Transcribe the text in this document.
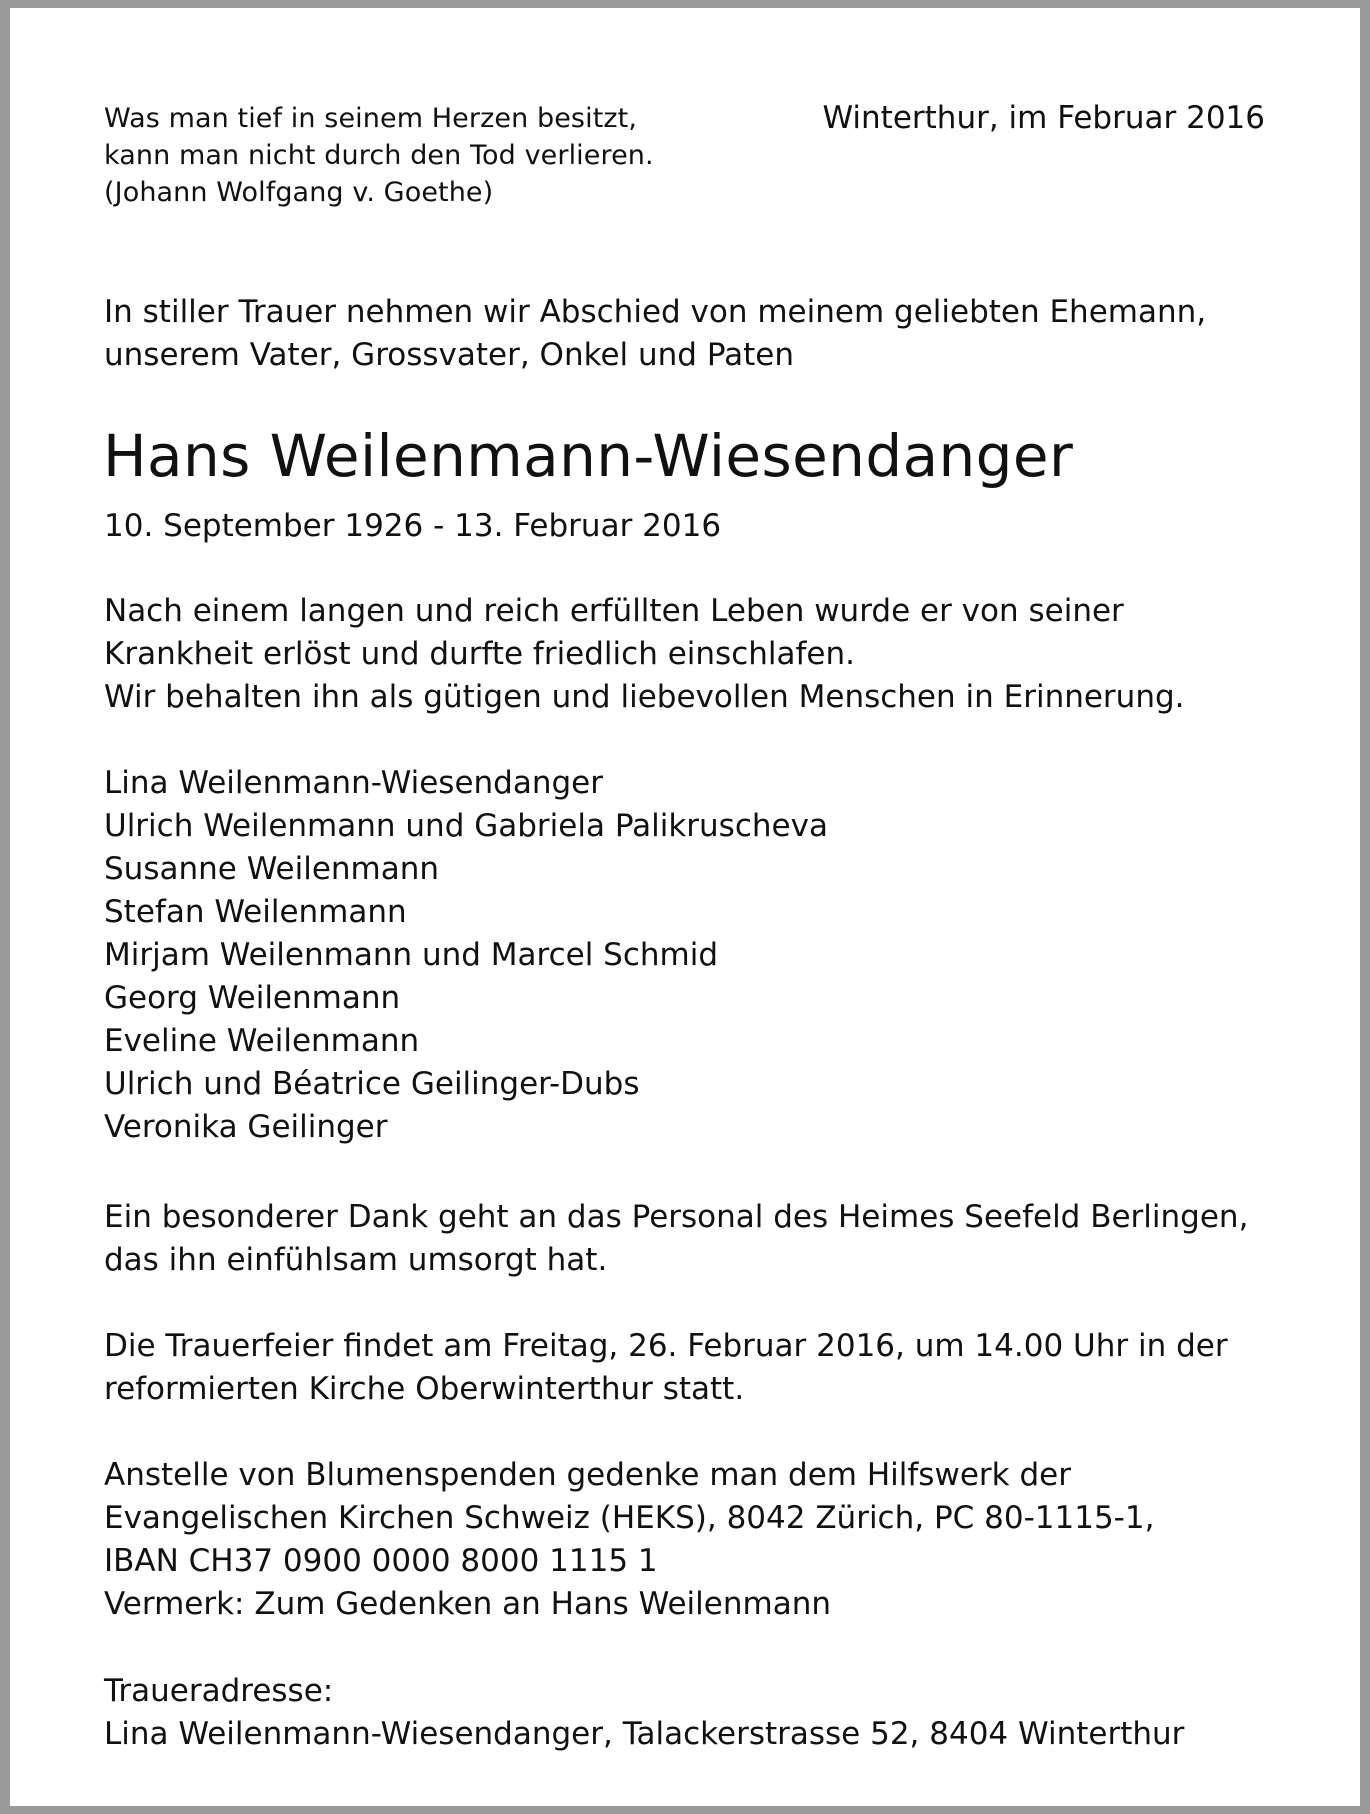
Was man tief in seinem Herzen besitzt,
kann man nicht durch den Tod verlieren.
(Johann Wolfgang v. Goethe)

Winterthur, im Februar 2016

In stiller Trauer nehmen wir Abschied von meinem geliebten Ehemann,
unserem Vater, Grossvater, Onkel und Paten

Hans Weilenmann-Wiesendanger

10. September 1926 - 13. Februar 2016

Nach einem langen und reich erfüllten Leben wurde er von seiner
Krankheit erlöst und durfte friedlich einschlafen.
Wir behalten ihn als gütigen und liebevollen Menschen in Erinnerung.

Lina Weilenmann-Wiesendanger
Ulrich Weilenmann und Gabriela Palikruscheva
Susanne Weilenmann
Stefan Weilenmann
Mirjam Weilenmann und Marcel Schmid
Georg Weilenmann
Eveline Weilenmann
Ulrich und Béatrice Geilinger-Dubs
Veronika Geilinger

Ein besonderer Dank geht an das Personal des Heimes Seefeld Berlingen,
das ihn einfühlsam umsorgt hat.

Die Trauerfeier findet am Freitag, 26. Februar 2016, um 14.00 Uhr in der
reformierten Kirche Oberwinterthur statt.

Anstelle von Blumenspenden gedenke man dem Hilfswerk der
Evangelischen Kirchen Schweiz (HEKS), 8042 Zürich, PC 80-1115-1,
IBAN CH37 0900 0000 8000 1115 1
Vermerk: Zum Gedenken an Hans Weilenmann

Traueradresse:
Lina Weilenmann-Wiesendanger, Talackerstrasse 52, 8404 Winterthur
